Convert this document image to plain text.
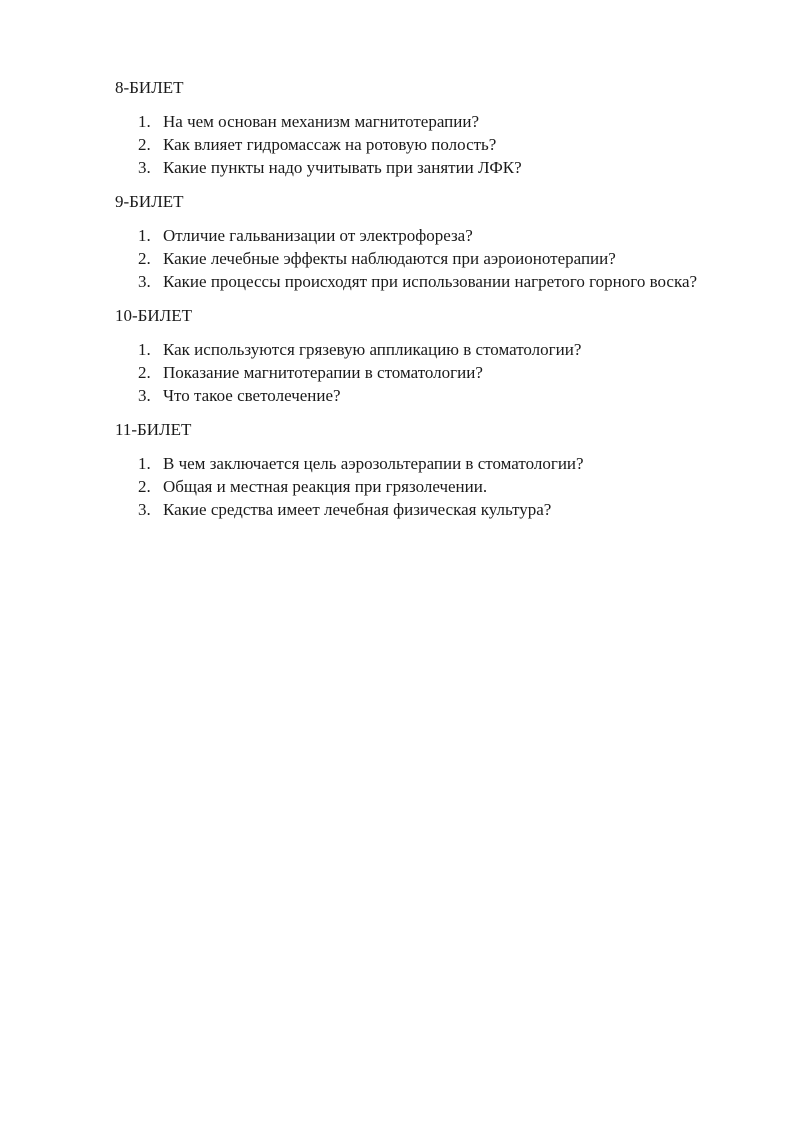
8-БИЛЕТ

1. На чем основан механизм магнитотерапии?
2. Как влияет гидромассаж на ротовую полость?
3. Какие пункты надо учитывать при занятии ЛФК?

9-БИЛЕТ

1. Отличие гальванизации от электрофореза?
2. Какие лечебные эффекты наблюдаются при аэроионотерапии?
3. Какие процессы происходят при использовании нагретого горного воска?

10-БИЛЕТ

1. Как используются грязевую аппликацию в стоматологии?
2. Показание магнитотерапии в стоматологии?
3. Что такое светолечение?

11-БИЛЕТ

1. В чем заключается цель аэрозольтерапии в стоматологии?
2. Общая и местная реакция при грязолечении.
3. Какие средства имеет лечебная физическая культура?
